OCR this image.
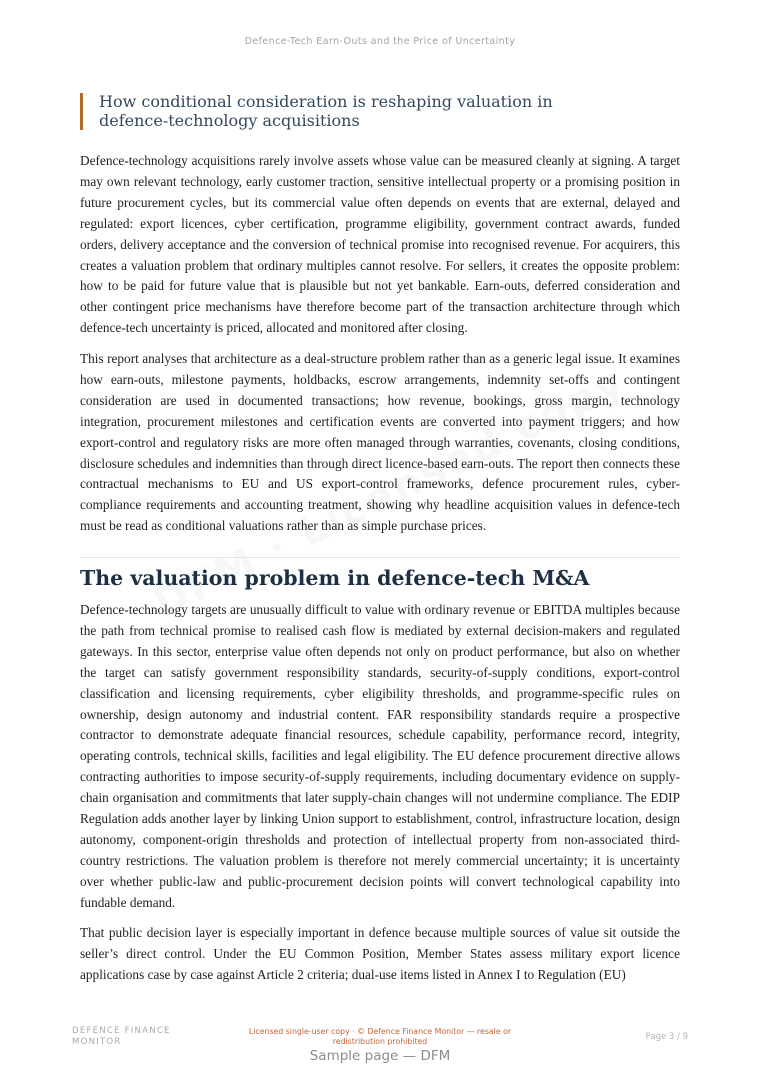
Defence-Tech Earn-Outs and the Price of Uncertainty
How conditional consideration is reshaping valuation in defence-technology acquisitions

Defence-technology acquisitions rarely involve assets whose value can be measured cleanly at signing. A target may own relevant technology, early customer traction, sensitive intellectual property or a promising position in future procurement cycles, but its commercial value often depends on events that are external, delayed and regulated: export licences, cyber certification, programme eligibility, government contract awards, funded orders, delivery acceptance and the conversion of technical promise into recognised revenue. For acquirers, this creates a valuation problem that ordinary multiples cannot resolve. For sellers, it creates the opposite problem: how to be paid for future value that is plausible but not yet bankable. Earn-outs, deferred consideration and other contingent price mechanisms have therefore become part of the transaction architecture through which defence-tech uncertainty is priced, allocated and monitored after closing.

This report analyses that architecture as a deal-structure problem rather than as a generic legal issue. It examines how earn-outs, milestone payments, holdbacks, escrow arrangements, indemnity set-offs and contingent consideration are used in documented transactions; how revenue, bookings, gross margin, technology integration, procurement milestones and certification events are converted into payment triggers; and how export-control and regulatory risks are more often managed through warranties, covenants, closing conditions, disclosure schedules and indemnities than through direct licence-based earn-outs. The report then connects these contractual mechanisms to EU and US export-control frameworks, defence procurement rules, cyber-compliance requirements and accounting treatment, showing why headline acquisition values in defence-tech must be read as conditional valuations rather than as simple purchase prices.

The valuation problem in defence-tech M&A

Defence-technology targets are unusually difficult to value with ordinary revenue or EBITDA multiples because the path from technical promise to realised cash flow is mediated by external decision-makers and regulated gateways. In this sector, enterprise value often depends not only on product performance, but also on whether the target can satisfy government responsibility standards, security-of-supply conditions, export-control classification and licensing requirements, cyber eligibility thresholds, and programme-specific rules on ownership, design autonomy and industrial content. FAR responsibility standards require a prospective contractor to demonstrate adequate financial resources, schedule capability, performance record, integrity, operating controls, technical skills, facilities and legal eligibility. The EU defence procurement directive allows contracting authorities to impose security-of-supply requirements, including documentary evidence on supply-chain organisation and commitments that later supply-chain changes will not undermine compliance. The EDIP Regulation adds another layer by linking Union support to establishment, control, infrastructure location, design autonomy, component-origin thresholds and protection of intellectual property from non-associated third-country restrictions. The valuation problem is therefore not merely commercial uncertainty; it is uncertainty over whether public-law and public-procurement decision points will convert technological capability into fundable demand.

That public decision layer is especially important in defence because multiple sources of value sit outside the seller’s direct control. Under the EU Common Position, Member States assess military export licence applications case by case against Article 2 criteria; dual-use items listed in Annex I to Regulation (EU)

DEFENCE FINANCE MONITOR
Licensed single-user copy · © Defence Finance Monitor — resale or redistribution prohibited	Page 3 / 9
Sample page — DFM
